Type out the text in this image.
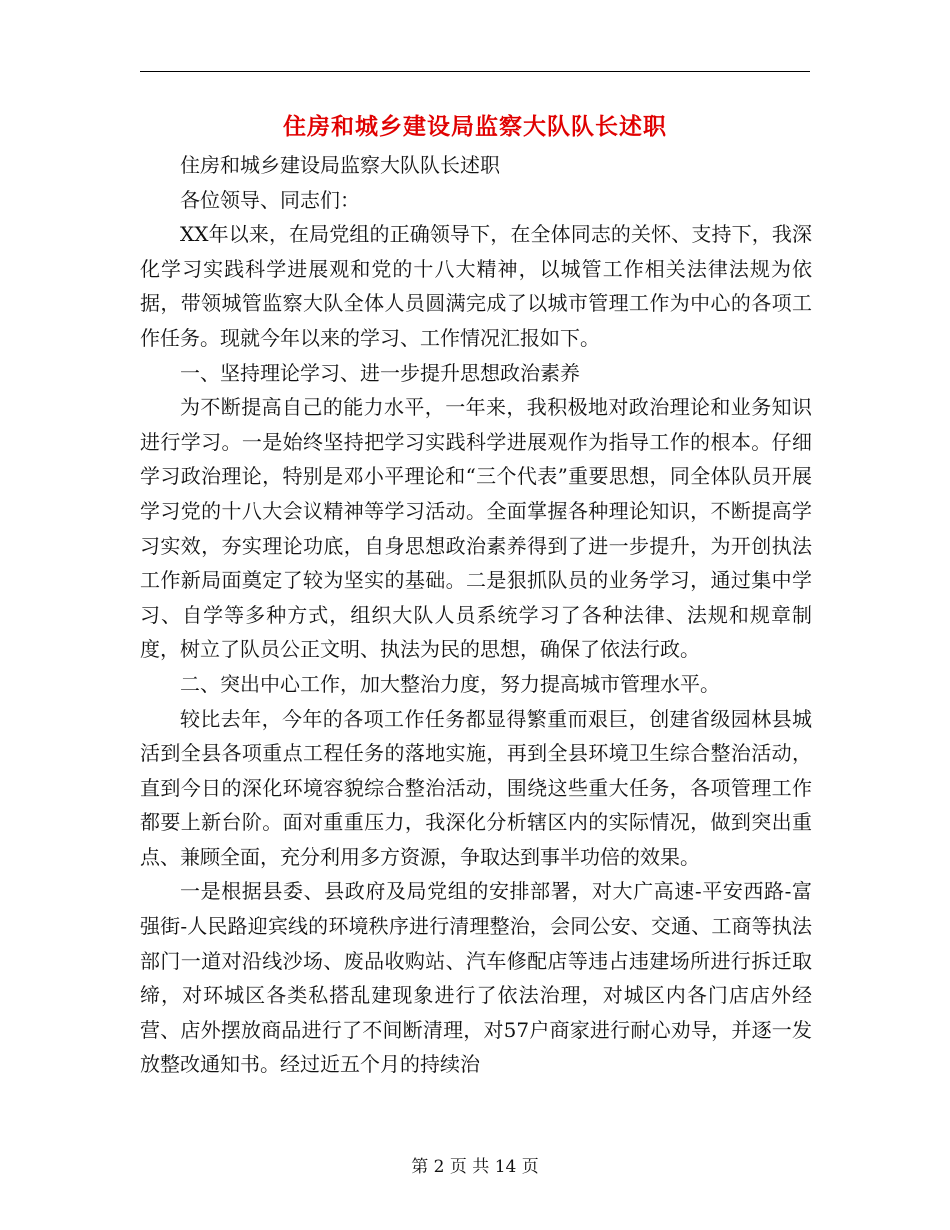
住房和城乡建设局监察大队队长述职

住房和城乡建设局监察大队队长述职

各位领导、同志们：

XX年以来，在局党组的正确领导下，在全体同志的关怀、支持下，我深化学习实践科学进展观和党的十八大精神，以城管工作相关法律法规为依据，带领城管监察大队全体人员圆满完成了以城市管理工作为中心的各项工作任务。现就今年以来的学习、工作情况汇报如下。

一、坚持理论学习、进一步提升思想政治素养

为不断提高自己的能力水平，一年来，我积极地对政治理论和业务知识进行学习。一是始终坚持把学习实践科学进展观作为指导工作的根本。仔细学习政治理论，特别是邓小平理论和“三个代表”重要思想，同全体队员开展学习党的十八大会议精神等学习活动。全面掌握各种理论知识，不断提高学习实效，夯实理论功底，自身思想政治素养得到了进一步提升，为开创执法工作新局面奠定了较为坚实的基础。二是狠抓队员的业务学习，通过集中学习、自学等多种方式，组织大队人员系统学习了各种法律、法规和规章制度，树立了队员公正文明、执法为民的思想，确保了依法行政。

二、突出中心工作，加大整治力度，努力提高城市管理水平。

较比去年，今年的各项工作任务都显得繁重而艰巨，创建省级园林县城活到全县各项重点工程任务的落地实施，再到全县环境卫生综合整治活动，直到今日的深化环境容貌综合整治活动，围绕这些重大任务，各项管理工作都要上新台阶。面对重重压力，我深化分析辖区内的实际情况，做到突出重点、兼顾全面，充分利用多方资源，争取达到事半功倍的效果。

一是根据县委、县政府及局党组的安排部署，对大广高速-平安西路-富强街-人民路迎宾线的环境秩序进行清理整治，会同公安、交通、工商等执法部门一道对沿线沙场、废品收购站、汽车修配店等违占违建场所进行拆迁取缔，对环城区各类私搭乱建现象进行了依法治理，对城区内各门店店外经营、店外摆放商品进行了不间断清理，对57户商家进行耐心劝导，并逐一发放整改通知书。经过近五个月的持续治

第 2 页 共 14 页
